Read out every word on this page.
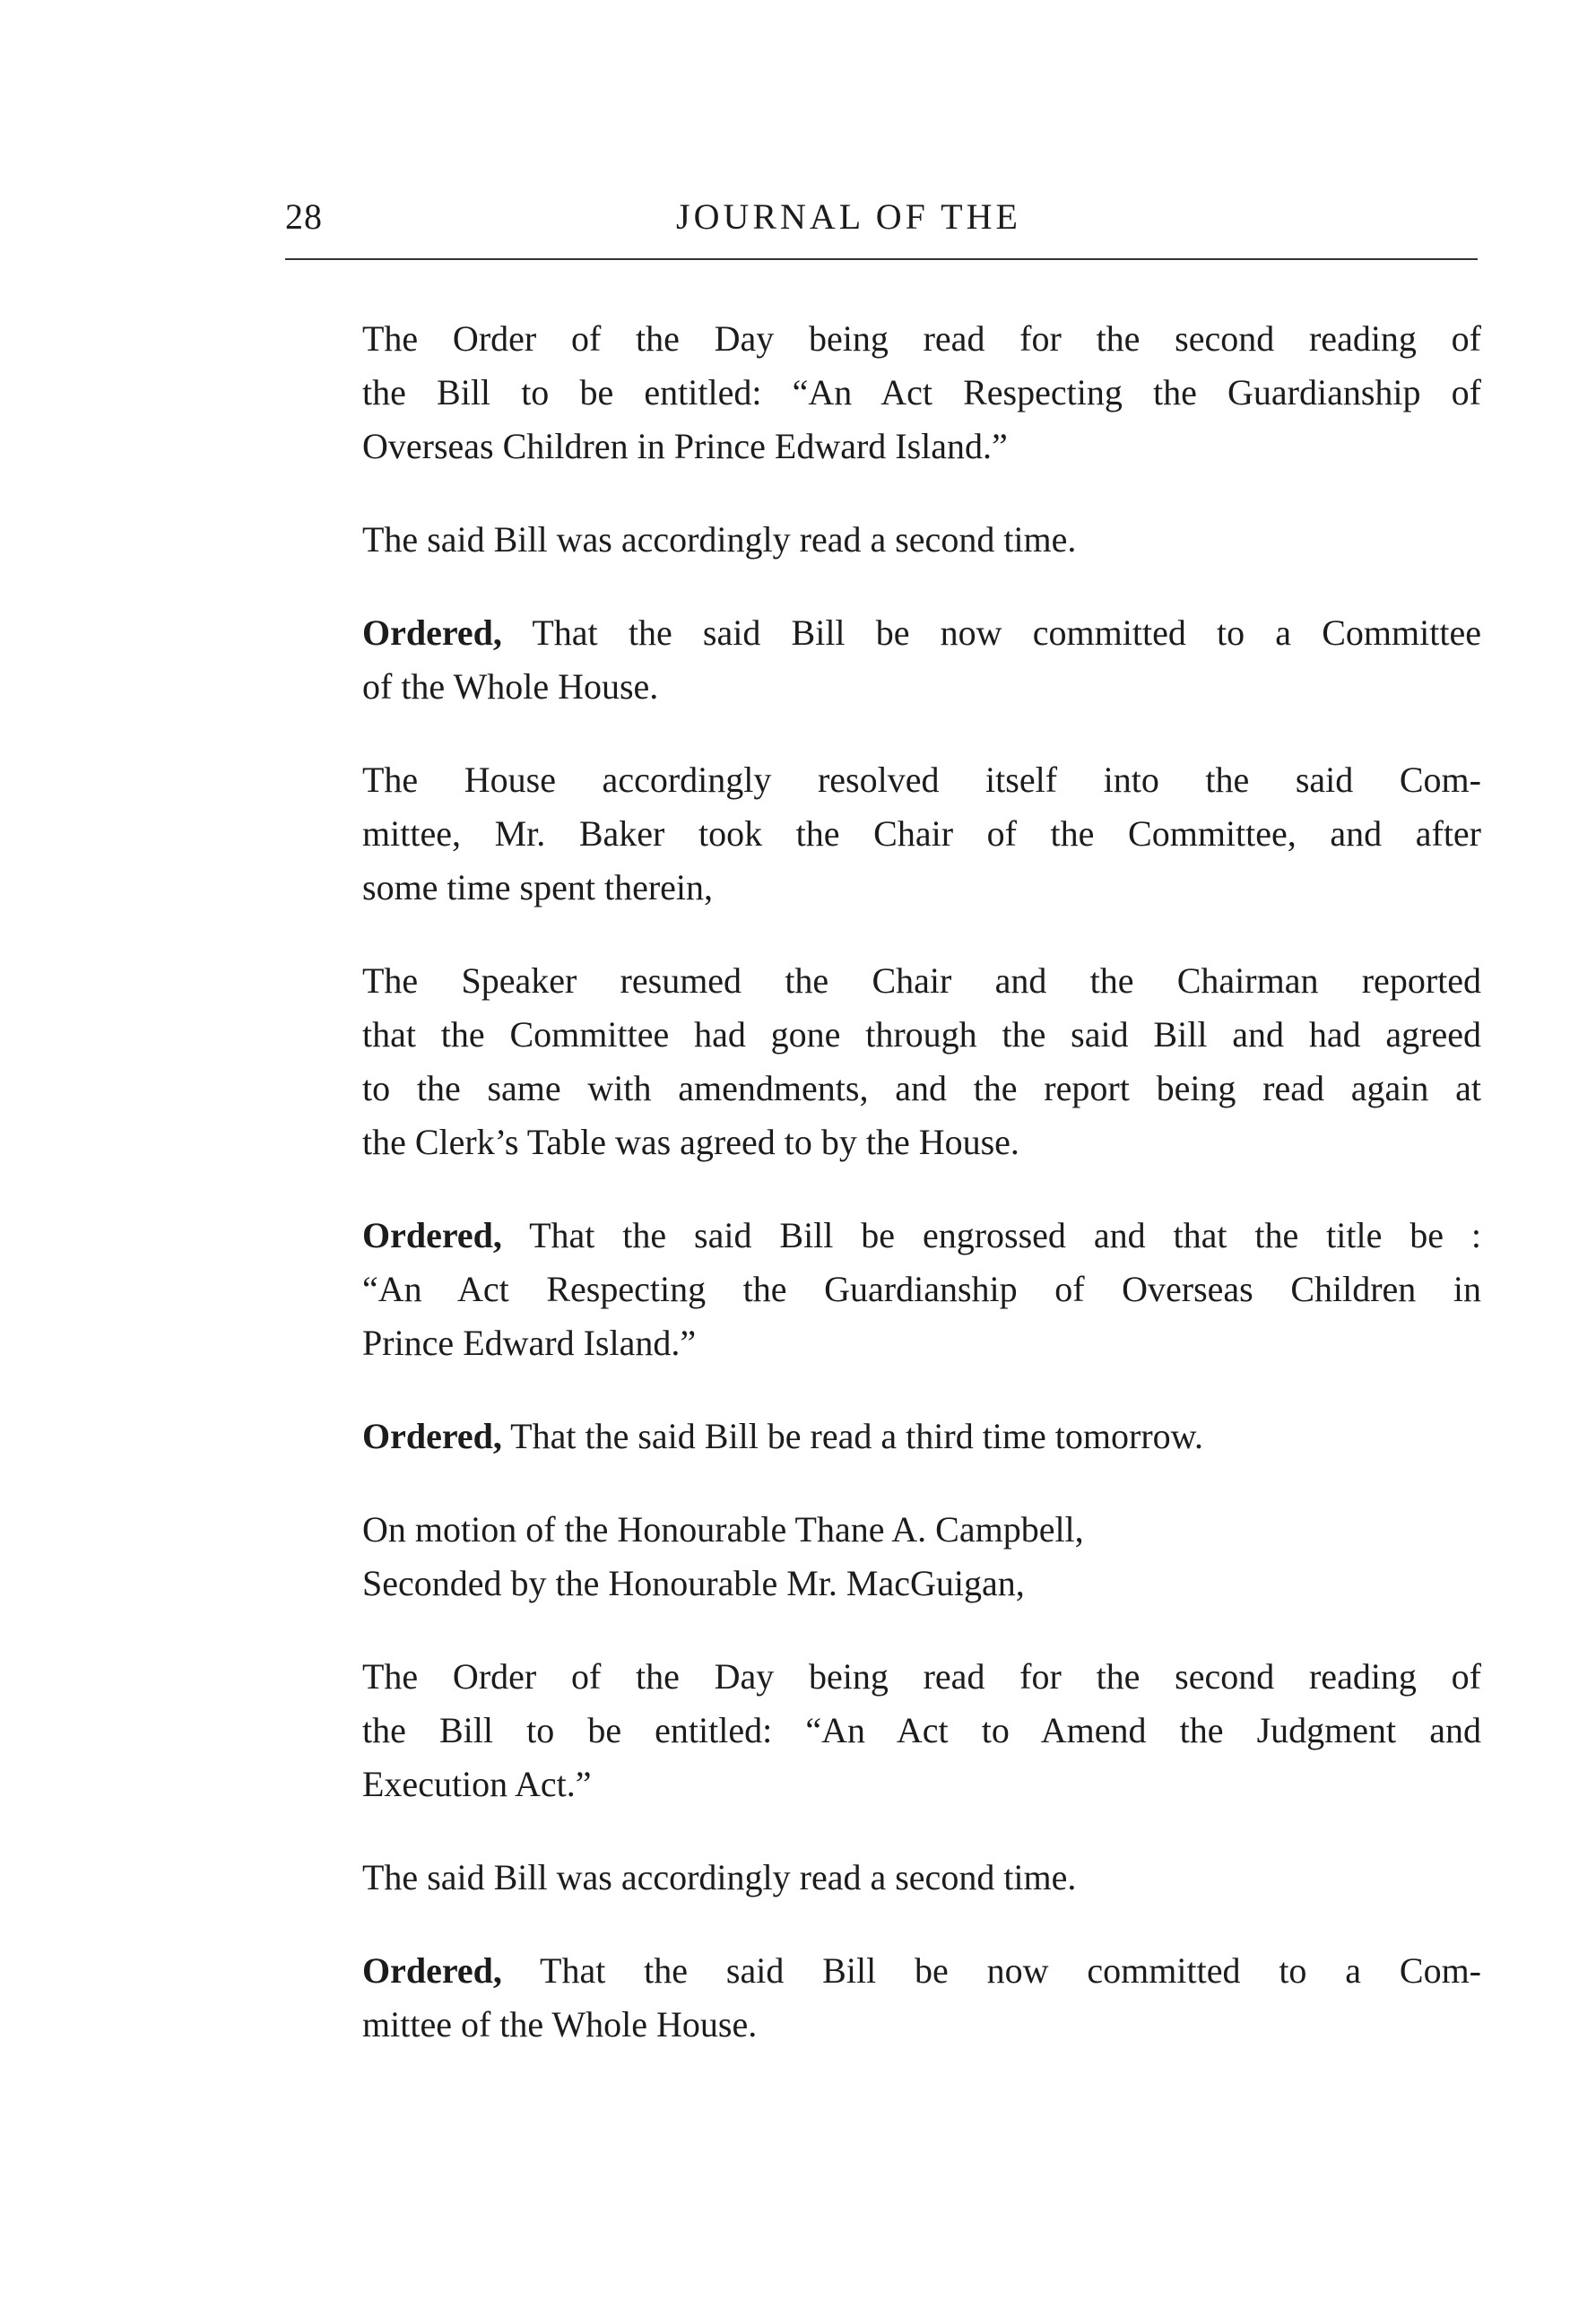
28	JOURNAL OF THE

The Order of the Day being read for the second reading of
the Bill to be entitled: “An Act Respecting the Guardianship of
Overseas Children in Prince Edward Island.”

The said Bill was accordingly read a second time.

Ordered, That the said Bill be now committed to a Committee
of the Whole House.

The House accordingly resolved itself into the said Com-
mittee, Mr. Baker took the Chair of the Committee, and after
some time spent therein,

The Speaker resumed the Chair and the Chairman reported
that the Committee had gone through the said Bill and had agreed
to the same with amendments, and the report being read again at
the Clerk’s Table was agreed to by the House.

Ordered, That the said Bill be engrossed and that the title be :
“An Act Respecting the Guardianship of Overseas Children in
Prince Edward Island.”

Ordered, That the said Bill be read a third time tomorrow.

On motion of the Honourable Thane A. Campbell,
Seconded by the Honourable Mr. MacGuigan,

The Order of the Day being read for the second reading of
the Bill to be entitled: “An Act to Amend the Judgment and
Execution Act.”

The said Bill was accordingly read a second time.

Ordered, That the said Bill be now committed to a Com-
mittee of the Whole House.
